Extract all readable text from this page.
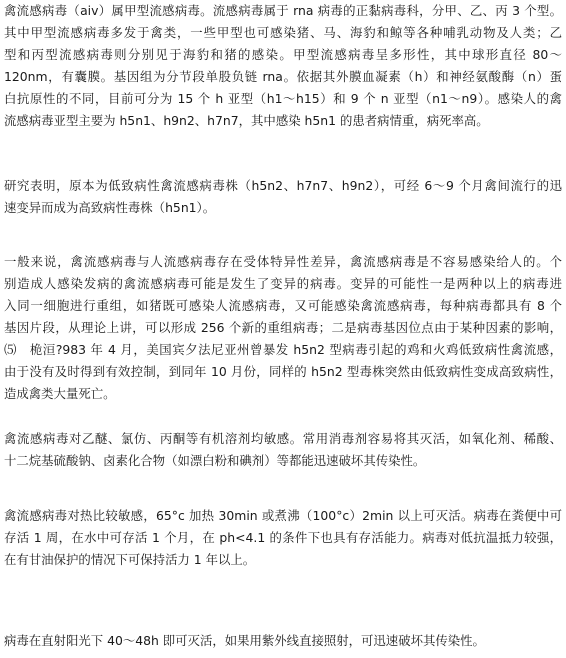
禽流感病毒（aiv）属甲型流感病毒。流感病毒属于 rna 病毒的正黏病毒科，分甲、乙、丙 3 个型。
其中甲型流感病毒多发于禽类，一些甲型也可感染猪、马、海豹和鲸等各种哺乳动物及人类；乙
型和丙型流感病毒则分别见于海豹和猪的感染。甲型流感病毒呈多形性，其中球形直径 80～
120nm，有囊膜。基因组为分节段单股负链 rna。依据其外膜血凝素（h）和神经氨酸酶（n）蛋
白抗原性的不同，目前可分为 15 个 h 亚型（h1～h15）和 9 个 n 亚型（n1～n9）。感染人的禽
流感病毒亚型主要为 h5n1、h9n2、h7n7，其中感染 h5n1 的患者病情重，病死率高。
研究表明，原本为低致病性禽流感病毒株（h5n2、h7n7、h9n2），可经 6～9 个月禽间流行的迅
速变异而成为高致病性毒株（h5n1）。
一般来说，禽流感病毒与人流感病毒存在受体特异性差异，禽流感病毒是不容易感染给人的。个
别造成人感染发病的禽流感病毒可能是发生了变异的病毒。变异的可能性一是两种以上的病毒进
入同一细胞进行重组，如猪既可感染人流感病毒，又可能感染禽流感病毒，每种病毒都具有 8 个
基因片段，从理论上讲，可以形成 256 个新的重组病毒；二是病毒基因位点由于某种因素的影响，
⑸　桅洹?983 年 4 月，美国宾夕法尼亚州曾暴发 h5n2 型病毒引起的鸡和火鸡低致病性禽流感，
由于没有及时得到有效控制，到同年 10 月份，同样的 h5n2 型毒株突然由低致病性变成高致病性，
造成禽类大量死亡。
禽流感病毒对乙醚、氯仿、丙酮等有机溶剂均敏感。常用消毒剂容易将其灭活，如氧化剂、稀酸、
十二烷基硫酸钠、卤素化合物（如漂白粉和碘剂）等都能迅速破坏其传染性。
禽流感病毒对热比较敏感，65°c 加热 30min 或煮沸（100°c）2min 以上可灭活。病毒在粪便中可
存活 1 周，在水中可存活 1 个月，在 ph<4.1 的条件下也具有存活能力。病毒对低抗温抵力较强，
在有甘油保护的情况下可保持活力 1 年以上。
病毒在直射阳光下 40～48h 即可灭活，如果用紫外线直接照射，可迅速破坏其传染性。
